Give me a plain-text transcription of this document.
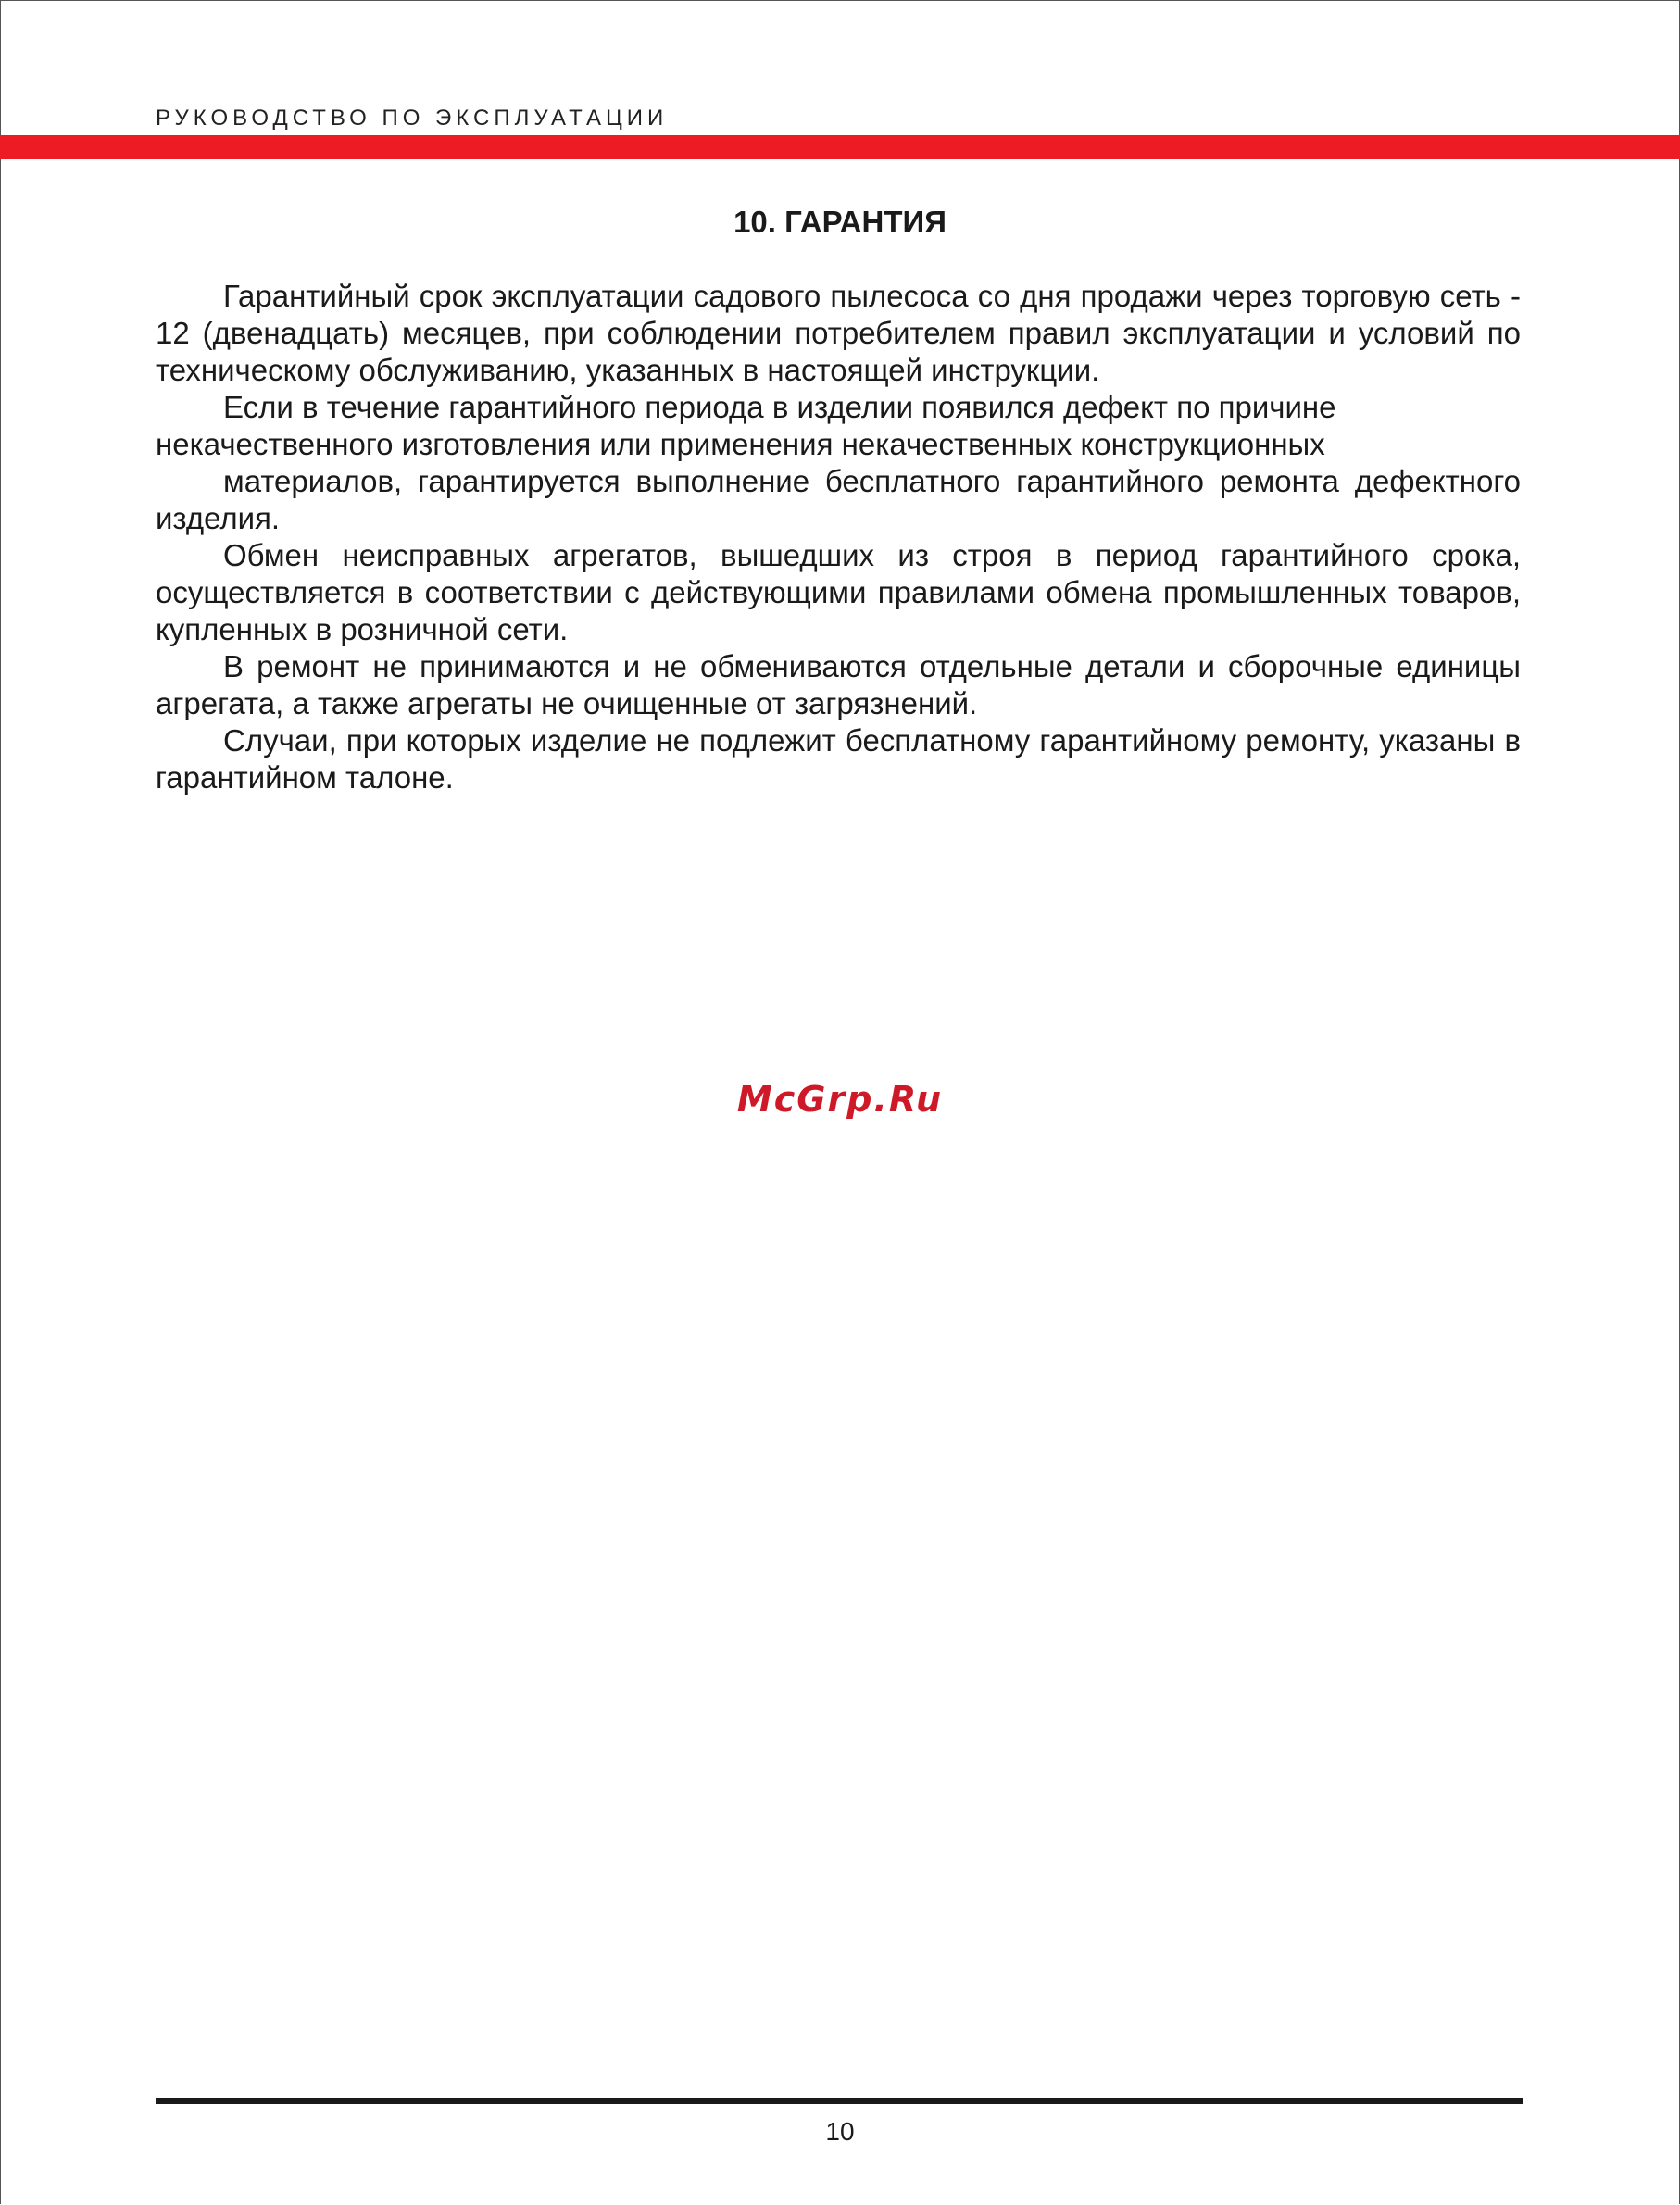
РУКОВОДСТВО ПО ЭКСПЛУАТАЦИИ
10. ГАРАНТИЯ

Гарантийный срок эксплуатации садового пылесоса со дня продажи через торговую сеть - 12 (двенадцать) месяцев, при соблюдении потребителем правил эксплуатации и условий по техническому обслуживанию, указанных в настоящей инструкции.

Если в течение гарантийного периода в изделии появился дефект по причине некачественного изготовления или применения некачественных конструкционных

материалов, гарантируется выполнение бесплатного гарантийного ремонта дефектного изделия.

Обмен неисправных агрегатов, вышедших из строя в период гарантийного срока, осуществляется в соответствии с действующими правилами обмена промышленных товаров, купленных в розничной сети.

В ремонт не принимаются и не обмениваются отдельные детали и сборочные единицы агрегата, а также агрегаты не очищенные от загрязнений.

Случаи, при которых изделие не подлежит бесплатному гарантийному ремонту, указаны в гарантийном талоне.

McGrp.Ru
10
